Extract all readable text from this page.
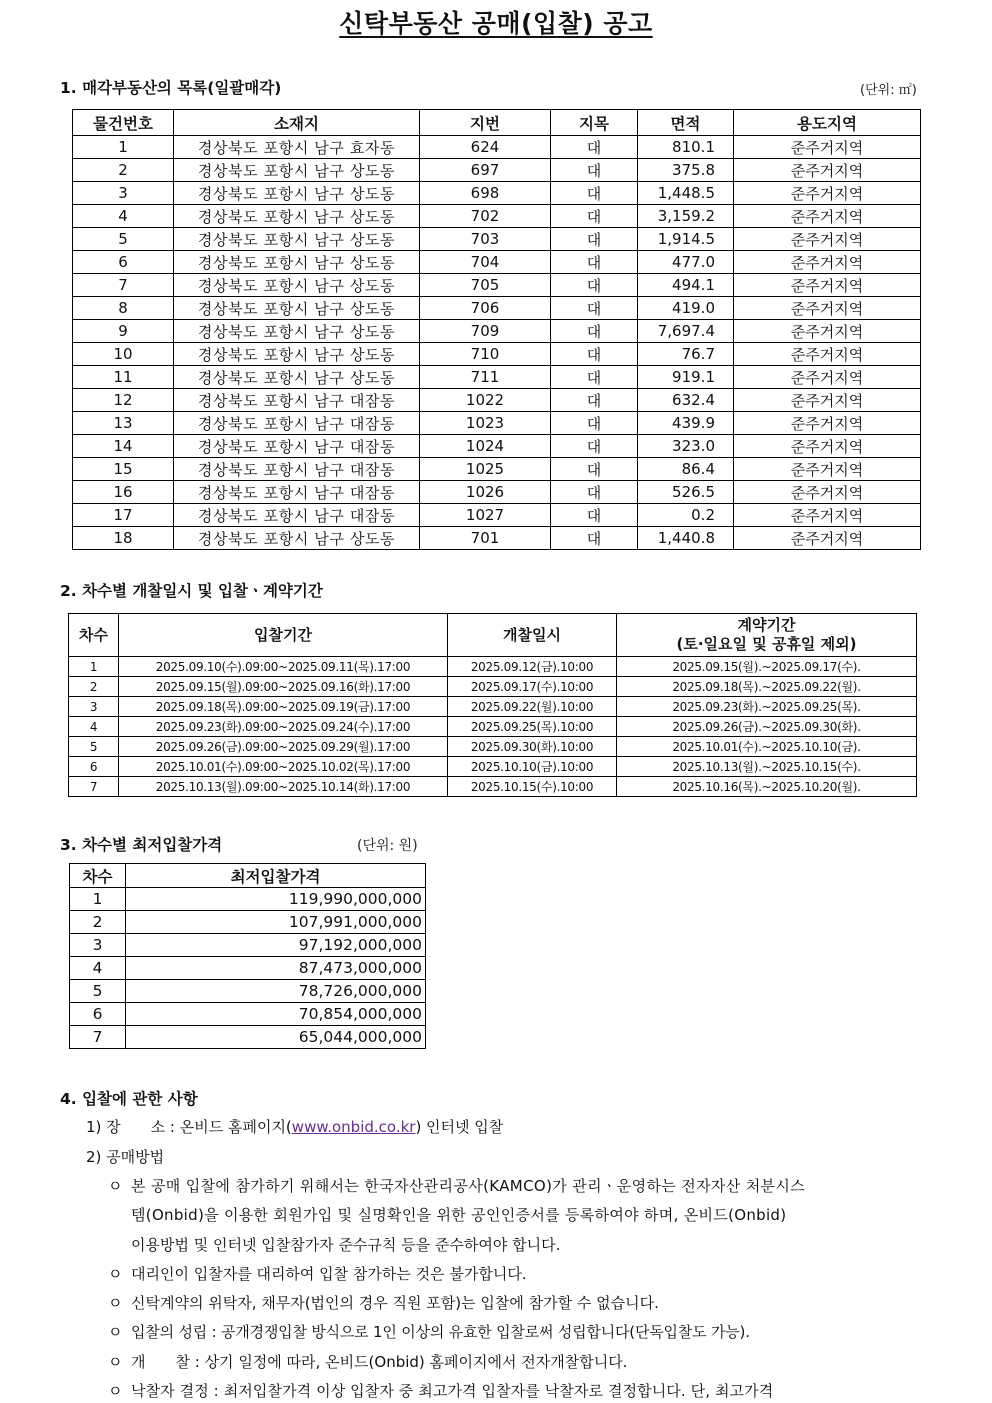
신탁부동산 공매(입찰) 공고
1. 매각부동산의 목록(일괄매각)	(단위: ㎡)
물건번호	소재지	지번	지목	면적	용도지역
1	경상북도 포항시 남구 효자동	624	대	810.1	준주거지역
2	경상북도 포항시 남구 상도동	697	대	375.8	준주거지역
3	경상북도 포항시 남구 상도동	698	대	1,448.5	준주거지역
4	경상북도 포항시 남구 상도동	702	대	3,159.2	준주거지역
5	경상북도 포항시 남구 상도동	703	대	1,914.5	준주거지역
6	경상북도 포항시 남구 상도동	704	대	477.0	준주거지역
7	경상북도 포항시 남구 상도동	705	대	494.1	준주거지역
8	경상북도 포항시 남구 상도동	706	대	419.0	준주거지역
9	경상북도 포항시 남구 상도동	709	대	7,697.4	준주거지역
10	경상북도 포항시 남구 상도동	710	대	76.7	준주거지역
11	경상북도 포항시 남구 상도동	711	대	919.1	준주거지역
12	경상북도 포항시 남구 대잠동	1022	대	632.4	준주거지역
13	경상북도 포항시 남구 대잠동	1023	대	439.9	준주거지역
14	경상북도 포항시 남구 대잠동	1024	대	323.0	준주거지역
15	경상북도 포항시 남구 대잠동	1025	대	86.4	준주거지역
16	경상북도 포항시 남구 대잠동	1026	대	526.5	준주거지역
17	경상북도 포항시 남구 대잠동	1027	대	0.2	준주거지역
18	경상북도 포항시 남구 상도동	701	대	1,440.8	준주거지역
2. 차수별 개찰일시 및 입찰ㆍ계약기간
차수	입찰기간	개찰일시	계약기간
(토·일요일 및 공휴일 제외)

1	2025.09.10(수).09:00~2025.09.11(목).17:00	2025.09.12(금).10:00	2025.09.15(월).~2025.09.17(수).
2	2025.09.15(월).09:00~2025.09.16(화).17:00	2025.09.17(수).10:00	2025.09.18(목).~2025.09.22(월).
3	2025.09.18(목).09:00~2025.09.19(금).17:00	2025.09.22(월).10:00	2025.09.23(화).~2025.09.25(목).
4	2025.09.23(화).09:00~2025.09.24(수).17:00	2025.09.25(목).10:00	2025.09.26(금).~2025.09.30(화).
5	2025.09.26(금).09:00~2025.09.29(월).17:00	2025.09.30(화).10:00	2025.10.01(수).~2025.10.10(금).
6	2025.10.01(수).09:00~2025.10.02(목).17:00	2025.10.10(금).10:00	2025.10.13(월).~2025.10.15(수).
7	2025.10.13(월).09:00~2025.10.14(화).17:00	2025.10.15(수).10:00	2025.10.16(목).~2025.10.20(월).
3. 차수별 최저입찰가격	(단위: 원)
차수	최저입찰가격
1	119,990,000,000
2	107,991,000,000
3	97,192,000,000
4	87,473,000,000
5	78,726,000,000
6	70,854,000,000
7	65,044,000,000
4. 입찰에 관한 사항
1) 장　　소 : 온비드 홈페이지(www.onbid.co.kr) 인터넷 입찰
2) 공매방법
ㅇ 본 공매 입찰에 참가하기 위해서는 한국자산관리공사(KAMCO)가 관리ㆍ운영하는 전자자산 처분시스
템(Onbid)을 이용한 회원가입 및 실명확인을 위한 공인인증서를 등록하여야 하며, 온비드(Onbid)
이용방법 및 인터넷 입찰참가자 준수규칙 등을 준수하여야 합니다.
ㅇ 대리인이 입찰자를 대리하여 입찰 참가하는 것은 불가합니다.
ㅇ 신탁계약의 위탁자, 채무자(법인의 경우 직원 포함)는 입찰에 참가할 수 없습니다.
ㅇ 입찰의 성립 : 공개경쟁입찰 방식으로 1인 이상의 유효한 입찰로써 성립합니다(단독입찰도 가능).
ㅇ 개　　찰 : 상기 일정에 따라, 온비드(Onbid) 홈페이지에서 전자개찰합니다.
ㅇ 낙찰자 결정 : 최저입찰가격 이상 입찰자 중 최고가격 입찰자를 낙찰자로 결정합니다. 단, 최고가격
